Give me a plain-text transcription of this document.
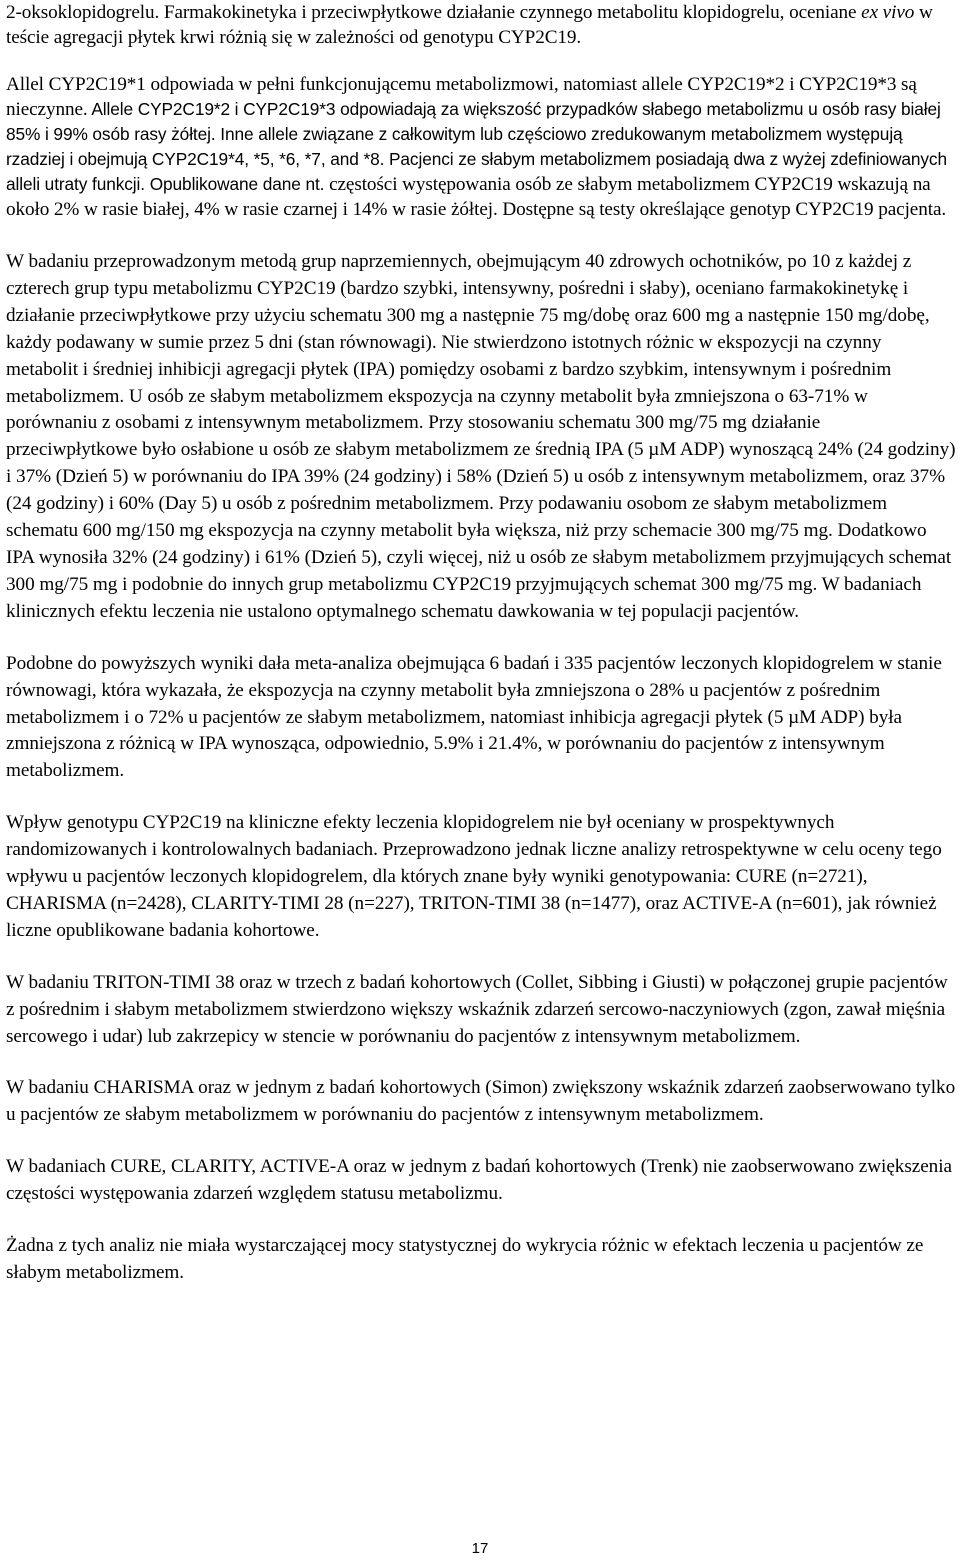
2-oksoklopidogrelu. Farmakokinetyka i przeciwpłytkowe działanie czynnego metabolitu klopidogrelu, oceniane ex vivo w teście agregacji płytek krwi różnią się w zależności od genotypu CYP2C19.

Allel CYP2C19*1 odpowiada w pełni funkcjonującemu metabolizmowi, natomiast allele CYP2C19*2 i CYP2C19*3 są nieczynne. Allele CYP2C19*2 i CYP2C19*3 odpowiadają za większość przypadków słabego metabolizmu u osób rasy białej 85% i 99% osób rasy żółtej. Inne allele związane z całkowitym lub częściowo zredukowanym metabolizmem występują rzadziej i obejmują CYP2C19*4, *5, *6, *7, and *8. Pacjenci ze słabym metabolizmem posiadają dwa z wyżej zdefiniowanych alleli utraty funkcji. Opublikowane dane nt. częstości występowania osób ze słabym metabolizmem CYP2C19 wskazują na około 2% w rasie białej, 4% w rasie czarnej i 14% w rasie żółtej. Dostępne są testy określające genotyp CYP2C19 pacjenta.

W badaniu przeprowadzonym metodą grup naprzemiennych, obejmującym 40 zdrowych ochotników, po 10 z każdej z czterech grup typu metabolizmu CYP2C19 (bardzo szybki, intensywny, pośredni i słaby), oceniano farmakokinetykę i działanie przeciwpłytkowe przy użyciu schematu 300 mg a następnie 75 mg/dobę oraz 600 mg a następnie 150 mg/dobę, każdy podawany w sumie przez 5 dni (stan równowagi). Nie stwierdzono istotnych różnic w ekspozycji na czynny metabolit i średniej inhibicji agregacji płytek (IPA) pomiędzy osobami z bardzo szybkim, intensywnym i pośrednim metabolizmem. U osób ze słabym metabolizmem ekspozycja na czynny metabolit była zmniejszona o 63-71% w porównaniu z osobami z intensywnym metabolizmem. Przy stosowaniu schematu 300 mg/75 mg działanie przeciwpłytkowe było osłabione u osób ze słabym metabolizmem ze średnią IPA (5 µM ADP) wynoszącą 24% (24 godziny) i 37% (Dzień 5) w porównaniu do IPA 39% (24 godziny) i 58% (Dzień 5) u osób z intensywnym metabolizmem, oraz 37% (24 godziny) i 60% (Day 5) u osób z pośrednim metabolizmem. Przy podawaniu osobom ze słabym metabolizmem schematu 600 mg/150 mg ekspozycja na czynny metabolit była większa, niż przy schemacie 300 mg/75 mg. Dodatkowo IPA wynosiła 32% (24 godziny) i 61% (Dzień 5), czyli więcej, niż u osób ze słabym metabolizmem przyjmujących schemat 300 mg/75 mg i podobnie do innych grup metabolizmu CYP2C19 przyjmujących schemat 300 mg/75 mg. W badaniach klinicznych efektu leczenia nie ustalono optymalnego schematu dawkowania w tej populacji pacjentów.

Podobne do powyższych wyniki dała meta-analiza obejmująca 6 badań i 335 pacjentów leczonych klopidogrelem w stanie równowagi, która wykazała, że ekspozycja na czynny metabolit była zmniejszona o 28% u pacjentów z pośrednim metabolizmem i o 72% u pacjentów ze słabym metabolizmem, natomiast inhibicja agregacji płytek (5 µM ADP) była zmniejszona z różnicą w IPA wynosząca, odpowiednio, 5.9% i 21.4%, w porównaniu do pacjentów z intensywnym metabolizmem.

Wpływ genotypu CYP2C19 na kliniczne efekty leczenia klopidogrelem nie był oceniany w prospektywnych randomizowanych i kontrolowalnych badaniach. Przeprowadzono jednak liczne analizy retrospektywne w celu oceny tego wpływu u pacjentów leczonych klopidogrelem, dla których znane były wyniki genotypowania: CURE (n=2721), CHARISMA (n=2428), CLARITY-TIMI 28 (n=227), TRITON-TIMI 38 (n=1477), oraz ACTIVE-A (n=601), jak również liczne opublikowane badania kohortowe.

W badaniu TRITON-TIMI 38 oraz w trzech z badań kohortowych (Collet, Sibbing i Giusti) w połączonej grupie pacjentów z pośrednim i słabym metabolizmem stwierdzono większy wskaźnik zdarzeń sercowo-naczyniowych (zgon, zawał mięśnia sercowego i udar) lub zakrzepicy w stencie w porównaniu do pacjentów z intensywnym metabolizmem.

W badaniu CHARISMA oraz w jednym z badań kohortowych (Simon) zwiększony wskaźnik zdarzeń zaobserwowano tylko u pacjentów ze słabym metabolizmem w porównaniu do pacjentów z intensywnym metabolizmem.

W badaniach CURE, CLARITY, ACTIVE-A oraz w jednym z badań kohortowych (Trenk) nie zaobserwowano zwiększenia częstości występowania zdarzeń względem statusu metabolizmu.

Żadna z tych analiz nie miała wystarczającej mocy statystycznej do wykrycia różnic w efektach leczenia u pacjentów ze słabym metabolizmem.

17
